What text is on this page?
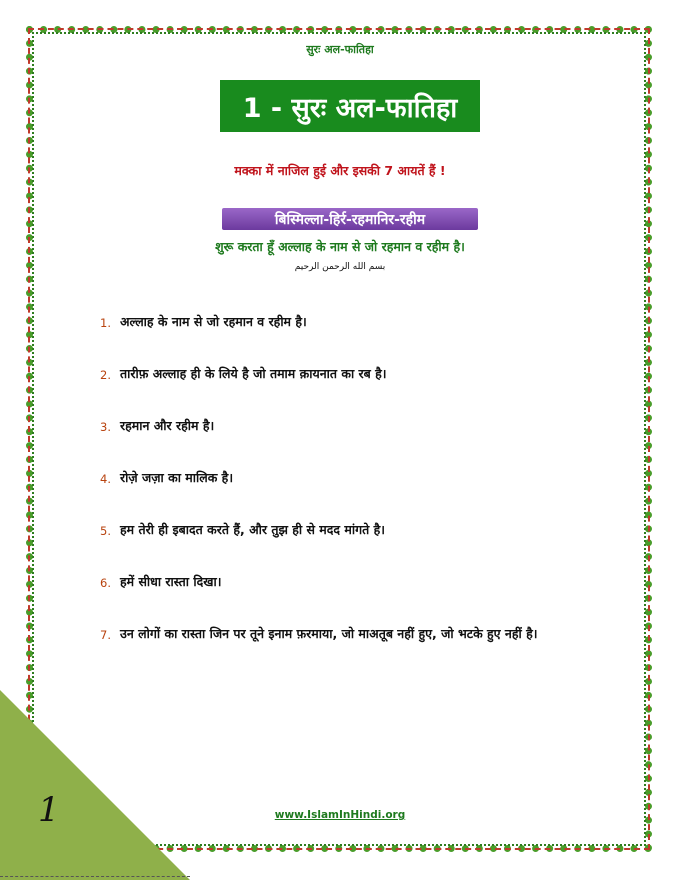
1
सुरः अल-फातिहा
1 - सुरः अल-फातिहा
मक्का में नाजिल हुई और इसकी 7 आयतें हैं !
बिस्मिल्ला-हिर्र-रहमानिर-रहीम
शुरू करता हूँ अल्लाह के नाम से जो रहमान व रहीम है।
بسم الله الرحمن الرحيم
1. अल्लाह के नाम से जो रहमान व रहीम है।
2. तारीफ़ अल्लाह ही के लिये है जो तमाम क़ायनात का रब है।
3. रहमान और रहीम है।
4. रोज़े जज़ा का मालिक है।
5. हम तेरी ही इबादत करते हैं, और तुझ ही से मदद मांगते है।
6. हमें सीधा रास्ता दिखा।
7. उन लोगों का रास्ता जिन पर तूने इनाम फ़रमाया, जो माअतूब नहीं हुए, जो भटके हुए नहीं है।
www.IslamInHindi.org
